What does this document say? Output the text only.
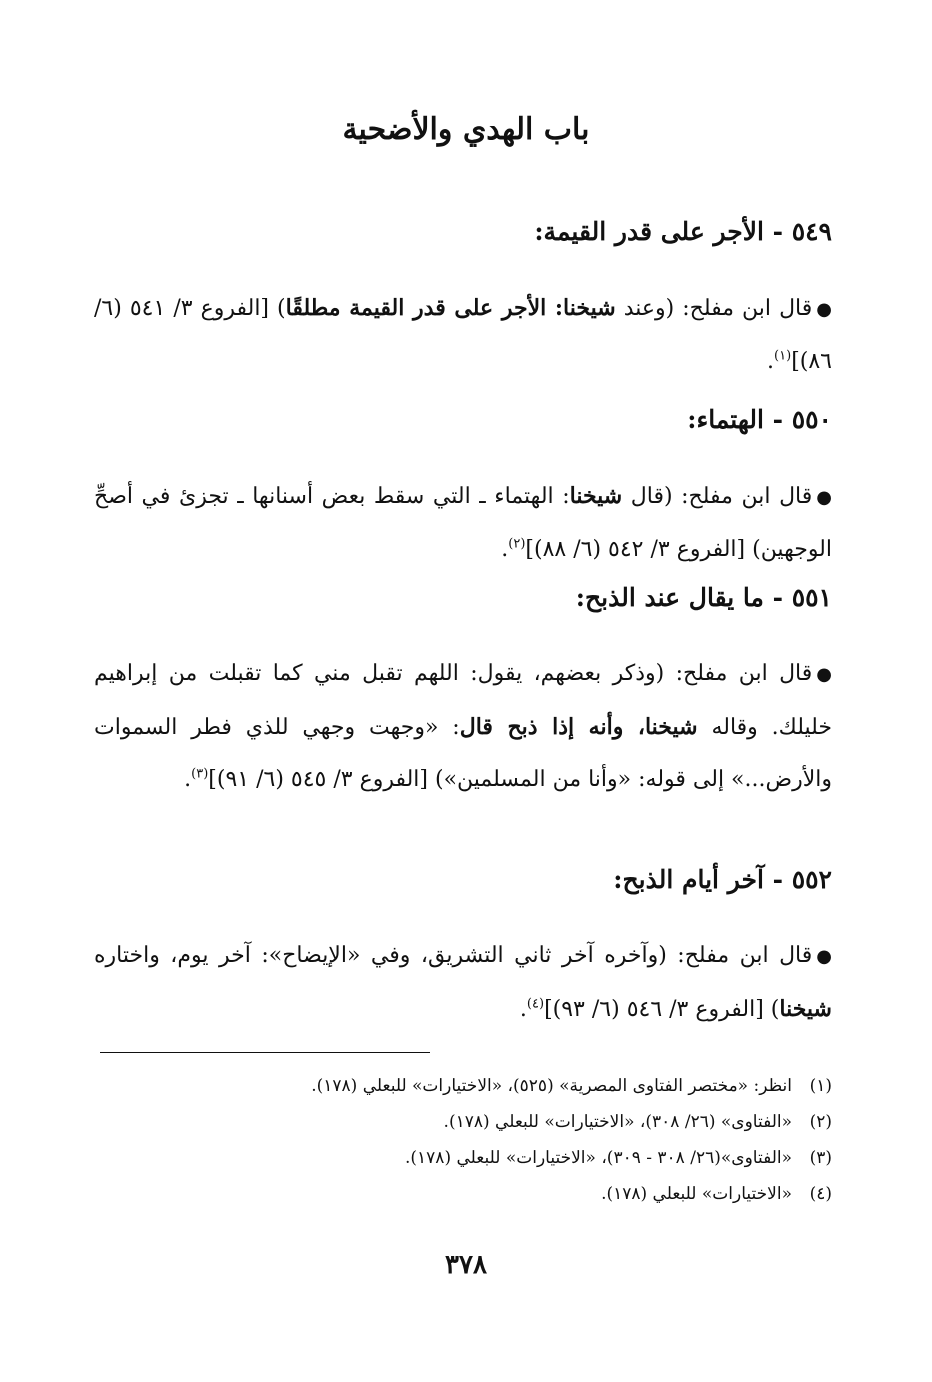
باب الهدي والأضحية
٥٤٩ - الأجر على قدر القيمة:
●قال ابن مفلح: (وعند شيخنا: الأجر على قدر القيمة مطلقًا) [الفروع ٣/ ٥٤١ (٦/ ٨٦)]$^{(١)}$.
٥٥٠ - الهتماء:
●قال ابن مفلح: (قال شيخنا: الهتماء ـ التي سقط بعض أسنانها ـ تجزئ في أصحِّ الوجهين) [الفروع ٣/ ٥٤٢ (٦/ ٨٨)]$^{(٢)}$.
٥٥١ - ما يقال عند الذبح:
●قال ابن مفلح: (وذكر بعضهم، يقول: اللهم تقبل مني كما تقبلت من إبراهيم خليلك. وقاله شيخنا، وأنه إذا ذبح قال: «وجهت وجهي للذي فطر السموات والأرض...» إلى قوله: «وأنا من المسلمين») [الفروع ٣/ ٥٤٥ (٦/ ٩١)]$^{(٣)}$.
٥٥٢ - آخر أيام الذبح:
●قال ابن مفلح: (وآخره آخر ثاني التشريق، وفي «الإيضاح»: آخر يوم، واختاره شيخنا) [الفروع ٣/ ٥٤٦ (٦/ ٩٣)]$^{(٤)}$.
(١)انظر: «مختصر الفتاوى المصرية» (٥٢٥)، «الاختيارات» للبعلي (١٧٨).
(٢)«الفتاوى» (٢٦/ ٣٠٨)، «الاختيارات» للبعلي (١٧٨).
(٣)«الفتاوى»(٢٦/ ٣٠٨ - ٣٠٩)، «الاختيارات» للبعلي (١٧٨).
(٤)«الاختيارات» للبعلي (١٧٨).
٣٧٨
